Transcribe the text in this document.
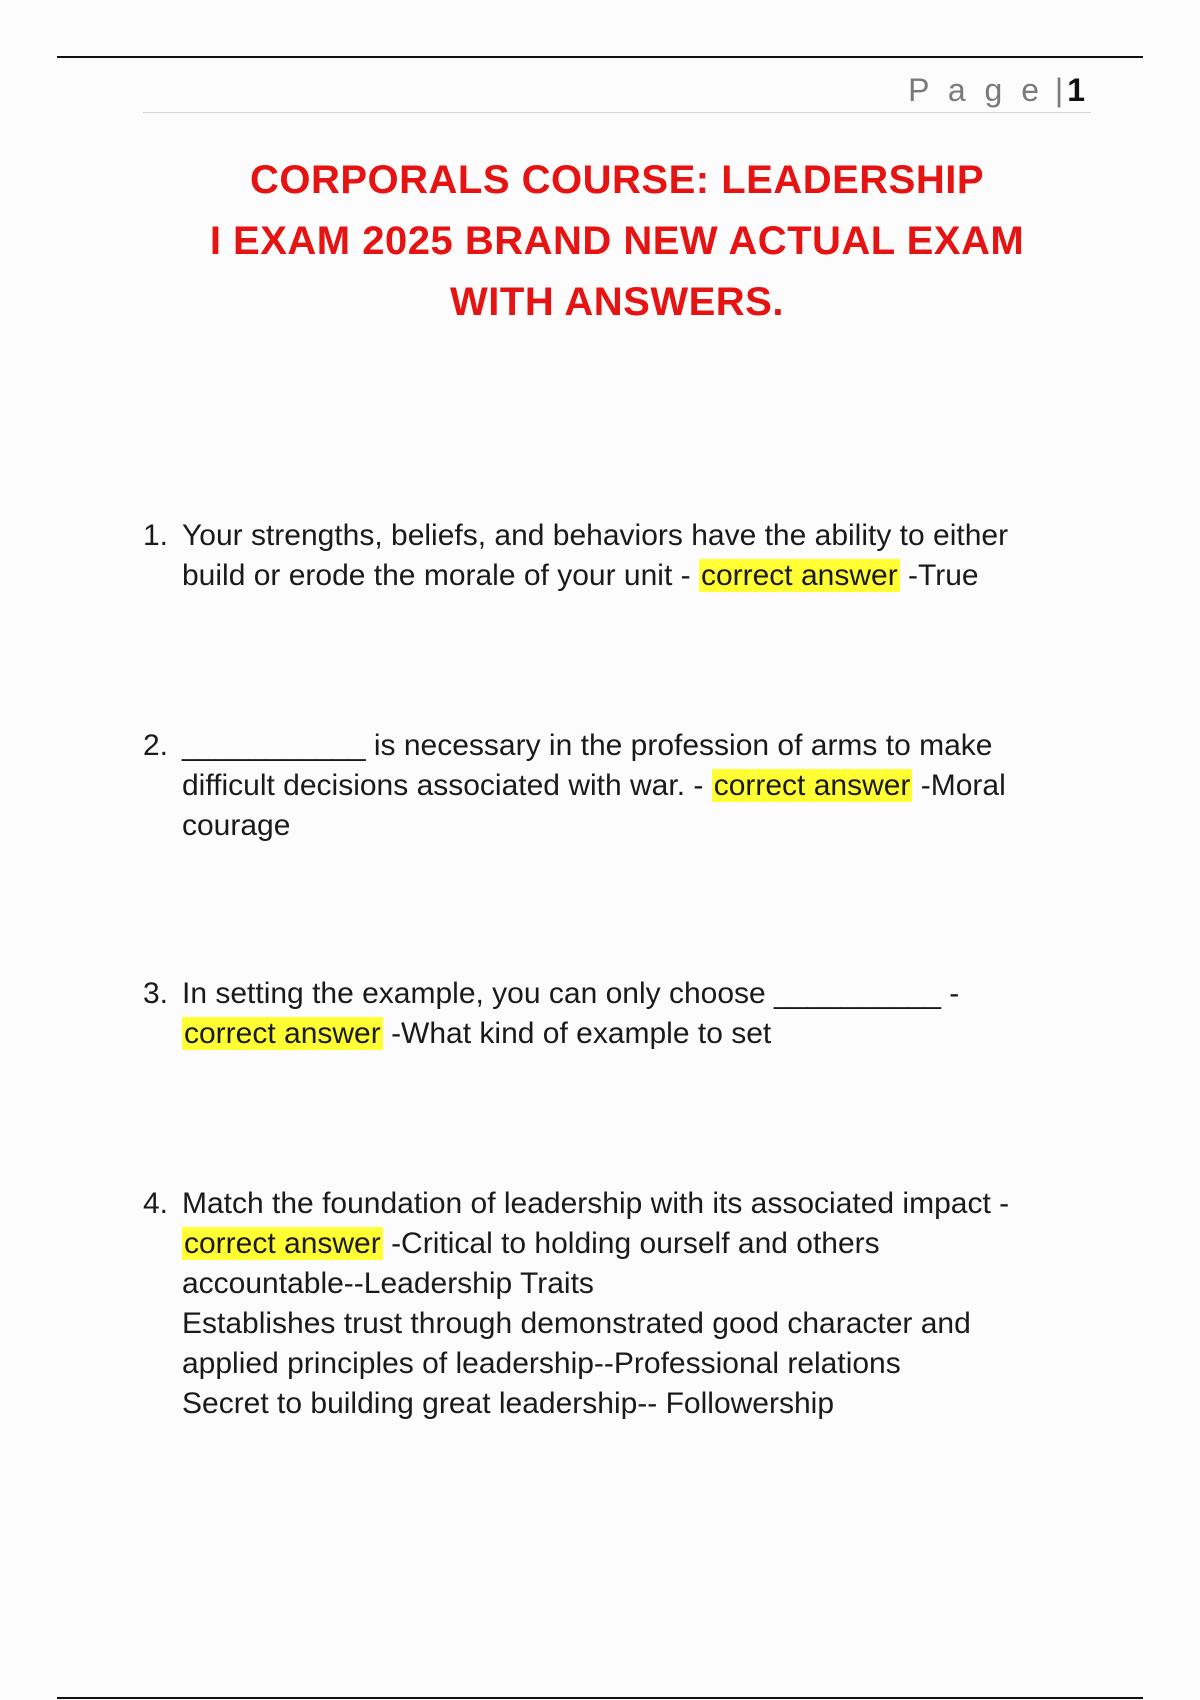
P a g e | 1
CORPORALS COURSE: LEADERSHIP
I EXAM 2025 BRAND NEW ACTUAL EXAM
WITH ANSWERS.
1. Your strengths, beliefs, and behaviors have the ability to either
build or erode the morale of your unit - correct answer -True
2. ___________ is necessary in the profession of arms to make
difficult decisions associated with war. - correct answer -Moral
courage
3. In setting the example, you can only choose __________ -
correct answer -What kind of example to set
4. Match the foundation of leadership with its associated impact -
correct answer -Critical to holding ourself and others
accountable--Leadership Traits
Establishes trust through demonstrated good character and
applied principles of leadership--Professional relations
Secret to building great leadership-- Followership
